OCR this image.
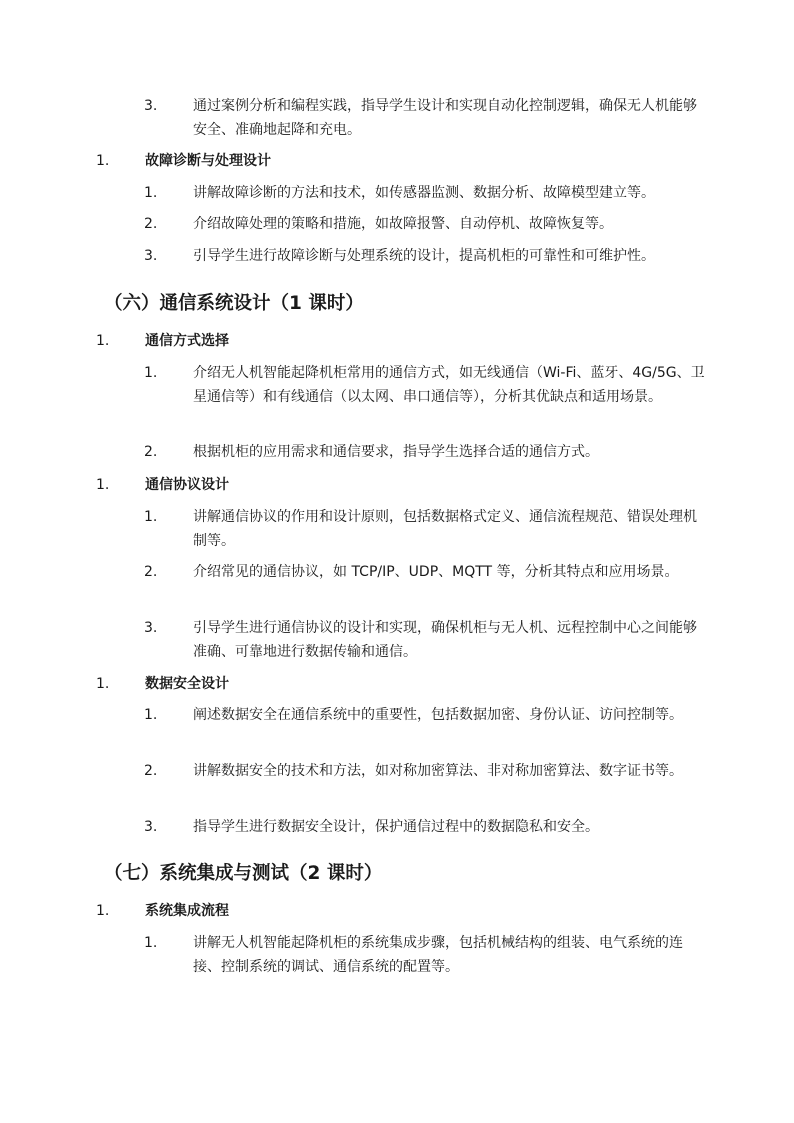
3.	通过案例分析和编程实践，指导学生设计和实现自动化控制逻辑，确保无人机能够安全、准确地起降和充电。
1.	故障诊断与处理设计
1.	讲解故障诊断的方法和技术，如传感器监测、数据分析、故障模型建立等。
2.	介绍故障处理的策略和措施，如故障报警、自动停机、故障恢复等。
3.	引导学生进行故障诊断与处理系统的设计，提高机柜的可靠性和可维护性。
（六）通信系统设计（1 课时）
1.	通信方式选择
1.	介绍无人机智能起降机柜常用的通信方式，如无线通信（Wi-Fi、蓝牙、4G/5G、卫星通信等）和有线通信（以太网、串口通信等），分析其优缺点和适用场景。
2.	根据机柜的应用需求和通信要求，指导学生选择合适的通信方式。
1.	通信协议设计
1.	讲解通信协议的作用和设计原则，包括数据格式定义、通信流程规范、错误处理机制等。
2.	介绍常见的通信协议，如 TCP/IP、UDP、MQTT 等，分析其特点和应用场景。
3.	引导学生进行通信协议的设计和实现，确保机柜与无人机、远程控制中心之间能够准确、可靠地进行数据传输和通信。
1.	数据安全设计
1.	阐述数据安全在通信系统中的重要性，包括数据加密、身份认证、访问控制等。
2.	讲解数据安全的技术和方法，如对称加密算法、非对称加密算法、数字证书等。
3.	指导学生进行数据安全设计，保护通信过程中的数据隐私和安全。
（七）系统集成与测试（2 课时）
1.	系统集成流程
1.	讲解无人机智能起降机柜的系统集成步骤，包括机械结构的组装、电气系统的连接、控制系统的调试、通信系统的配置等。
